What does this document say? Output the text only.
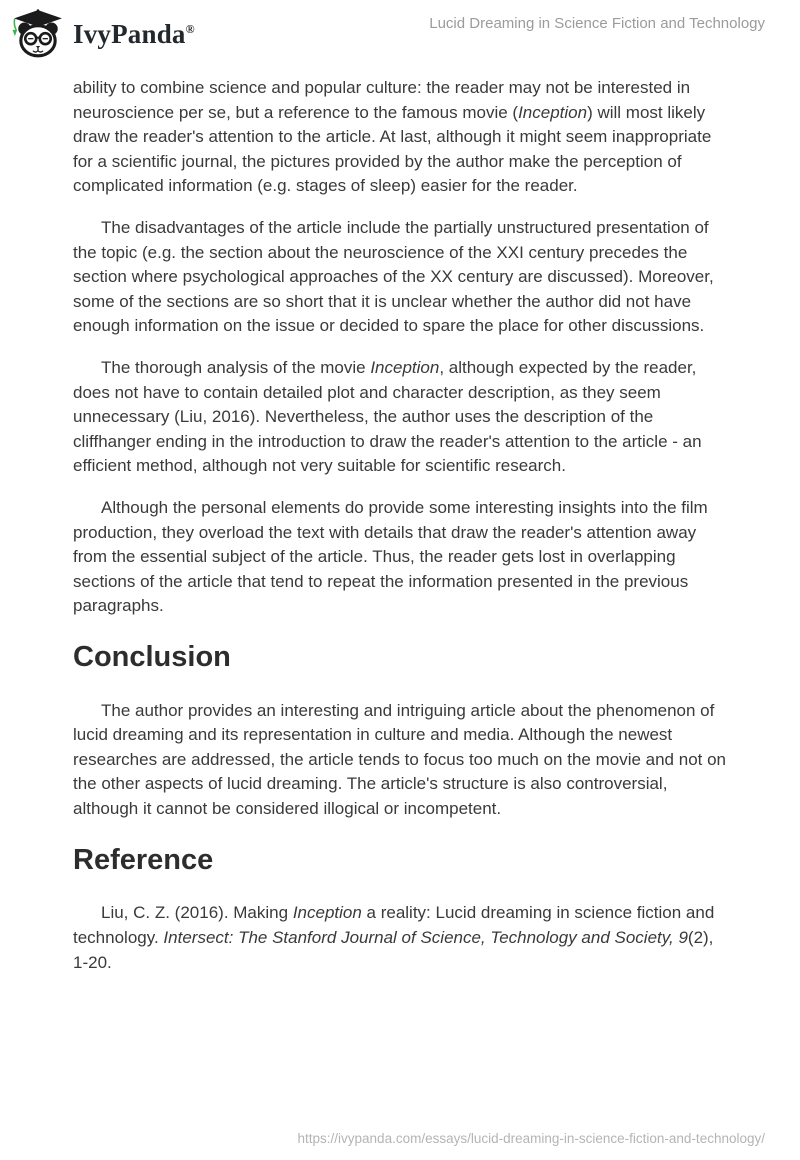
IvyPanda®	Lucid Dreaming in Science Fiction and Technology

ability to combine science and popular culture: the reader may not be interested in neuroscience per se, but a reference to the famous movie (Inception) will most likely draw the reader's attention to the article. At last, although it might seem inappropriate for a scientific journal, the pictures provided by the author make the perception of complicated information (e.g. stages of sleep) easier for the reader.

The disadvantages of the article include the partially unstructured presentation of the topic (e.g. the section about the neuroscience of the XXI century precedes the section where psychological approaches of the XX century are discussed). Moreover, some of the sections are so short that it is unclear whether the author did not have enough information on the issue or decided to spare the place for other discussions.

The thorough analysis of the movie Inception, although expected by the reader, does not have to contain detailed plot and character description, as they seem unnecessary (Liu, 2016). Nevertheless, the author uses the description of the cliffhanger ending in the introduction to draw the reader's attention to the article - an efficient method, although not very suitable for scientific research.

Although the personal elements do provide some interesting insights into the film production, they overload the text with details that draw the reader's attention away from the essential subject of the article. Thus, the reader gets lost in overlapping sections of the article that tend to repeat the information presented in the previous paragraphs.

Conclusion

The author provides an interesting and intriguing article about the phenomenon of lucid dreaming and its representation in culture and media. Although the newest researches are addressed, the article tends to focus too much on the movie and not on the other aspects of lucid dreaming. The article's structure is also controversial, although it cannot be considered illogical or incompetent.

Reference

Liu, C. Z. (2016). Making Inception a reality: Lucid dreaming in science fiction and technology. Intersect: The Stanford Journal of Science, Technology and Society, 9(2), 1-20.

https://ivypanda.com/essays/lucid-dreaming-in-science-fiction-and-technology/
